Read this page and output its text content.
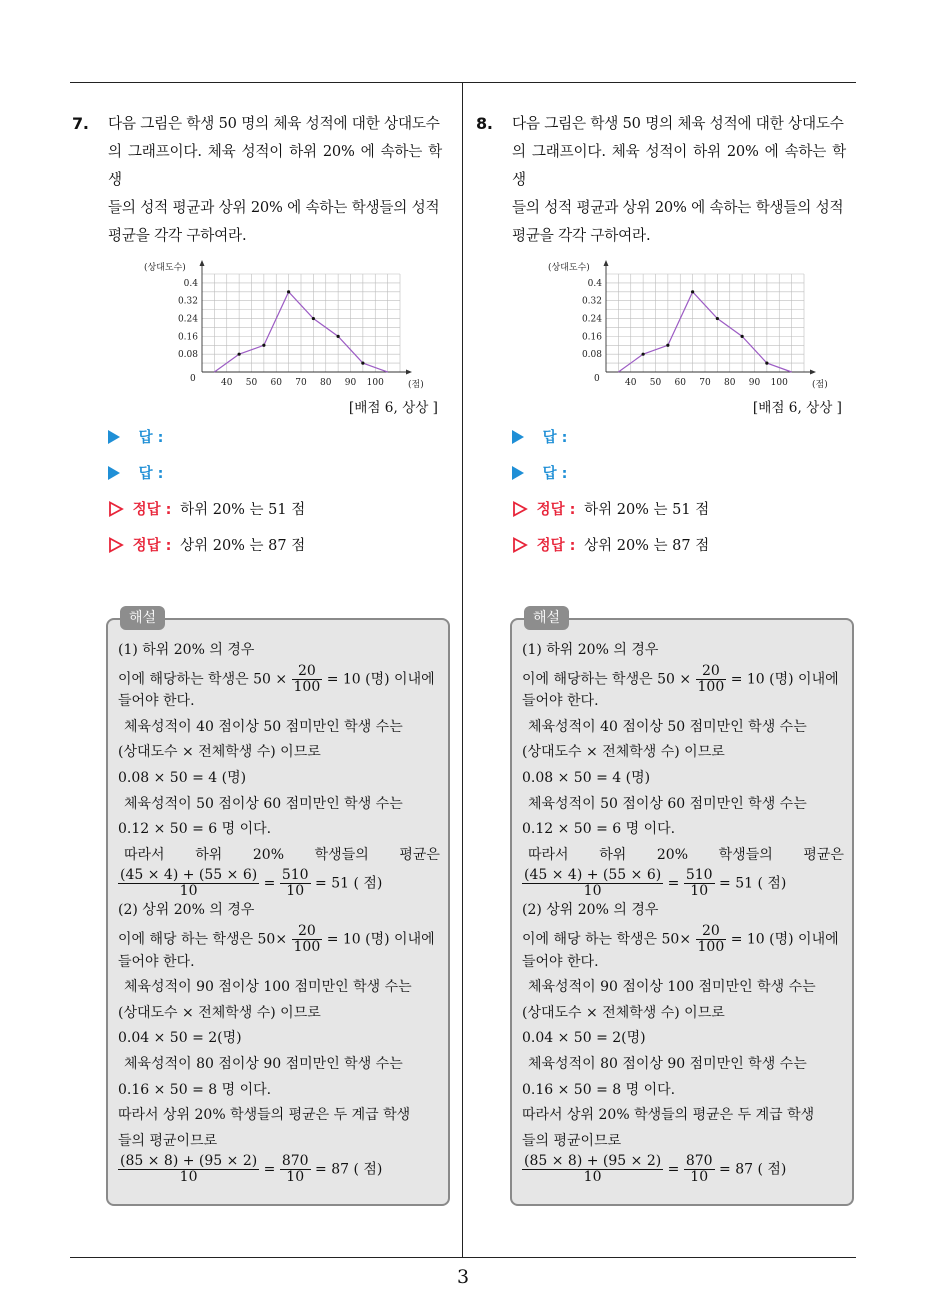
3
7. 다음 그림은 학생 50 명의 체육 성적에 대한 상대도수
의 그래프이다. 체육 성적이 하위 20% 에 속하는 학생
들의 성적 평균과 상위 20% 에 속하는 학생들의 성적
평균을 각각 구하여라.
0.08
0.16
0.24
0.32
0.4
40 50 60 70 80 90 100
0
(상대도수)
(점)
[배점 6, 상상 ]
답 :
답 :
정답 : 하위 20% 는 51 점
정답 : 상위 20% 는 87 점
해설
(1) 하위 20% 의 경우
이에 해당하는 학생은 $50 \times \frac{20}{100} = 10$ (명) 이내에
들어야 한다.
체육성적이 40 점이상 50 점미만인 학생 수는
(상대도수 × 전체학생 수) 이므로
0.08 × 50 = 4 (명)
체육성적이 50 점이상 60 점미만인 학생 수는
0.12 × 50 = 6 명 이다.
따라서 하위 20% 학생들의 평균은
$\frac{(45 \times 4) + (55 \times 6)}{10} = \frac{510}{10} = 51$ ( 점)
(2) 상위 20% 의 경우
이에 해당 하는 학생은 $50\times \frac{20}{100} = 10$ (명) 이내에
들어야 한다.
체육성적이 90 점이상 100 점미만인 학생 수는
(상대도수 × 전체학생 수) 이므로
0.04 × 50 = 2(명)
체육성적이 80 점이상 90 점미만인 학생 수는
0.16 × 50 = 8 명 이다.
따라서 상위 20% 학생들의 평균은 두 계급 학생
들의 평균이므로
$\frac{(85 \times 8) + (95 \times 2)}{10} = \frac{870}{10} = 87$ ( 점)
8. 다음 그림은 학생 50 명의 체육 성적에 대한 상대도수
의 그래프이다. 체육 성적이 하위 20% 에 속하는 학생
들의 성적 평균과 상위 20% 에 속하는 학생들의 성적
평균을 각각 구하여라.
0.08
0.16
0.24
0.32
0.4
40 50 60 70 80 90 100
0
(상대도수)
(점)
[배점 6, 상상 ]
답 :
답 :
정답 : 하위 20% 는 51 점
정답 : 상위 20% 는 87 점
해설
(1) 하위 20% 의 경우
이에 해당하는 학생은 $50 \times \frac{20}{100} = 10$ (명) 이내에
들어야 한다.
체육성적이 40 점이상 50 점미만인 학생 수는
(상대도수 × 전체학생 수) 이므로
0.08 × 50 = 4 (명)
체육성적이 50 점이상 60 점미만인 학생 수는
0.12 × 50 = 6 명 이다.
따라서 하위 20% 학생들의 평균은
$\frac{(45 \times 4) + (55 \times 6)}{10} = \frac{510}{10} = 51$ ( 점)
(2) 상위 20% 의 경우
이에 해당 하는 학생은 $50\times \frac{20}{100} = 10$ (명) 이내에
들어야 한다.
체육성적이 90 점이상 100 점미만인 학생 수는
(상대도수 × 전체학생 수) 이므로
0.04 × 50 = 2(명)
체육성적이 80 점이상 90 점미만인 학생 수는
0.16 × 50 = 8 명 이다.
따라서 상위 20% 학생들의 평균은 두 계급 학생
들의 평균이므로
$\frac{(85 \times 8) + (95 \times 2)}{10} = \frac{870}{10} = 87$ ( 점)
